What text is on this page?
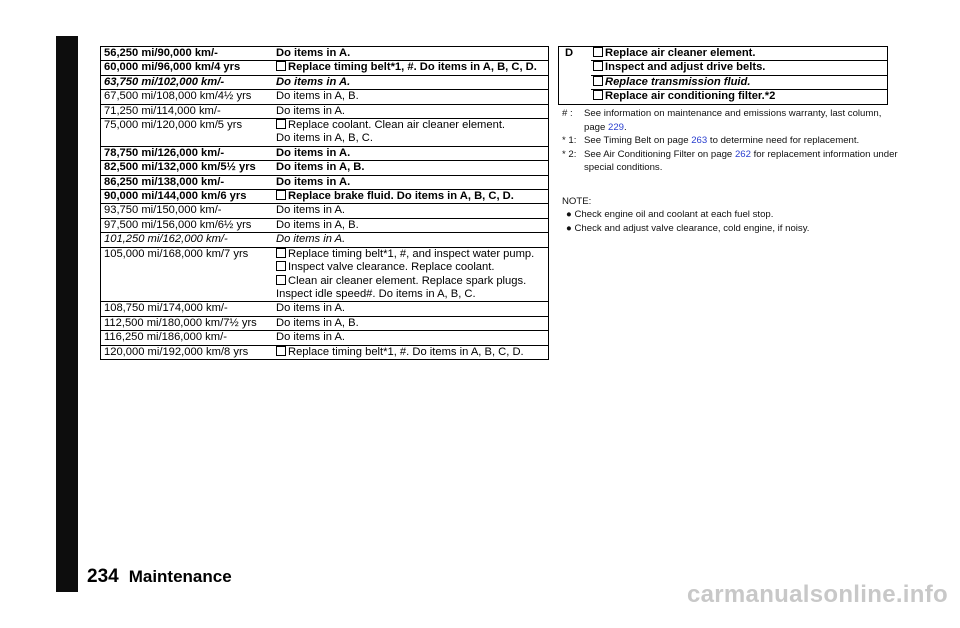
Maintenance Schedule for Severe Conditions (listed by distance/time)
56,250 mi/90,000 km/-	Do items in A.
60,000 mi/96,000 km/4 yrs	Replace timing belt*1, #. Do items in A, B, C, D.
63,750 mi/102,000 km/-	Do items in A.
67,500 mi/108,000 km/4½ yrs	Do items in A, B.
71,250 mi/114,000 km/-	Do items in A.
75,000 mi/120,000 km/5 yrs	Replace coolant. Clean air cleaner element.
Do items in A, B, C.
78,750 mi/126,000 km/-	Do items in A.
82,500 mi/132,000 km/5½ yrs	Do items in A, B.
86,250 mi/138,000 km/-	Do items in A.
90,000 mi/144,000 km/6 yrs	Replace brake fluid. Do items in A, B, C, D.
93,750 mi/150,000 km/-	Do items in A.
97,500 mi/156,000 km/6½ yrs	Do items in A, B.
101,250 mi/162,000 km/-	Do items in A.
105,000 mi/168,000 km/7 yrs	Replace timing belt*1, #, and inspect water pump.
Inspect valve clearance. Replace coolant.
Clean air cleaner element. Replace spark plugs. Inspect idle speed#. Do items in A, B, C.
108,750 mi/174,000 km/-	Do items in A.
112,500 mi/180,000 km/7½ yrs	Do items in A, B.
116,250 mi/186,000 km/-	Do items in A.
120,000 mi/192,000 km/8 yrs	Replace timing belt*1, #. Do items in A, B, C, D.
D	Replace air cleaner element.
Inspect and adjust drive belts.
Replace transmission fluid.
Replace air conditioning filter.*2
# :	See information on maintenance and emissions warranty, last column, page 229.
* 1: See Timing Belt on page 263 to determine need for replacement.
* 2: See Air Conditioning Filter on page 262 for replacement information under special conditions.
NOTE:
● Check engine oil and coolant at each fuel stop.
● Check and adjust valve clearance, cold engine, if noisy.
234 Maintenance
carmanualsonline.info
